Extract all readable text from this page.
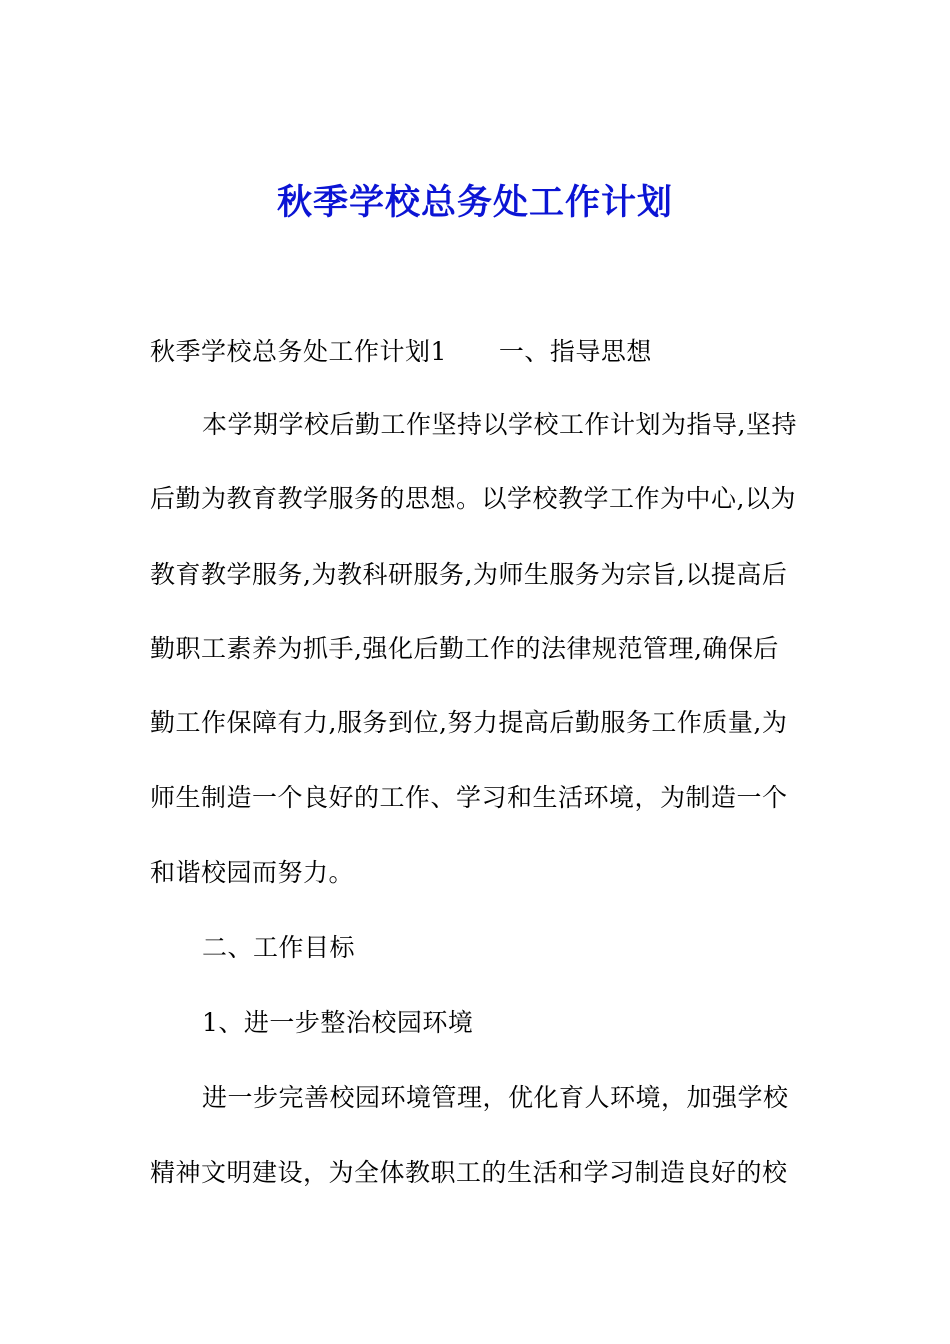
秋季学校总务处工作计划
秋季学校总务处工作计划1 一、指导思想
本学期学校后勤工作坚持以学校工作计划为指导,坚持
后勤为教育教学服务的思想。以学校教学工作为中心,以为
教育教学服务,为教科研服务,为师生服务为宗旨,以提高后
勤职工素养为抓手,强化后勤工作的法律规范管理,确保后
勤工作保障有力,服务到位,努力提高后勤服务工作质量,为
师生制造一个良好的工作、学习和生活环境，为制造一个
和谐校园而努力。
二、工作目标
1、进一步整治校园环境
进一步完善校园环境管理，优化育人环境，加强学校
精神文明建设，为全体教职工的生活和学习制造良好的校
